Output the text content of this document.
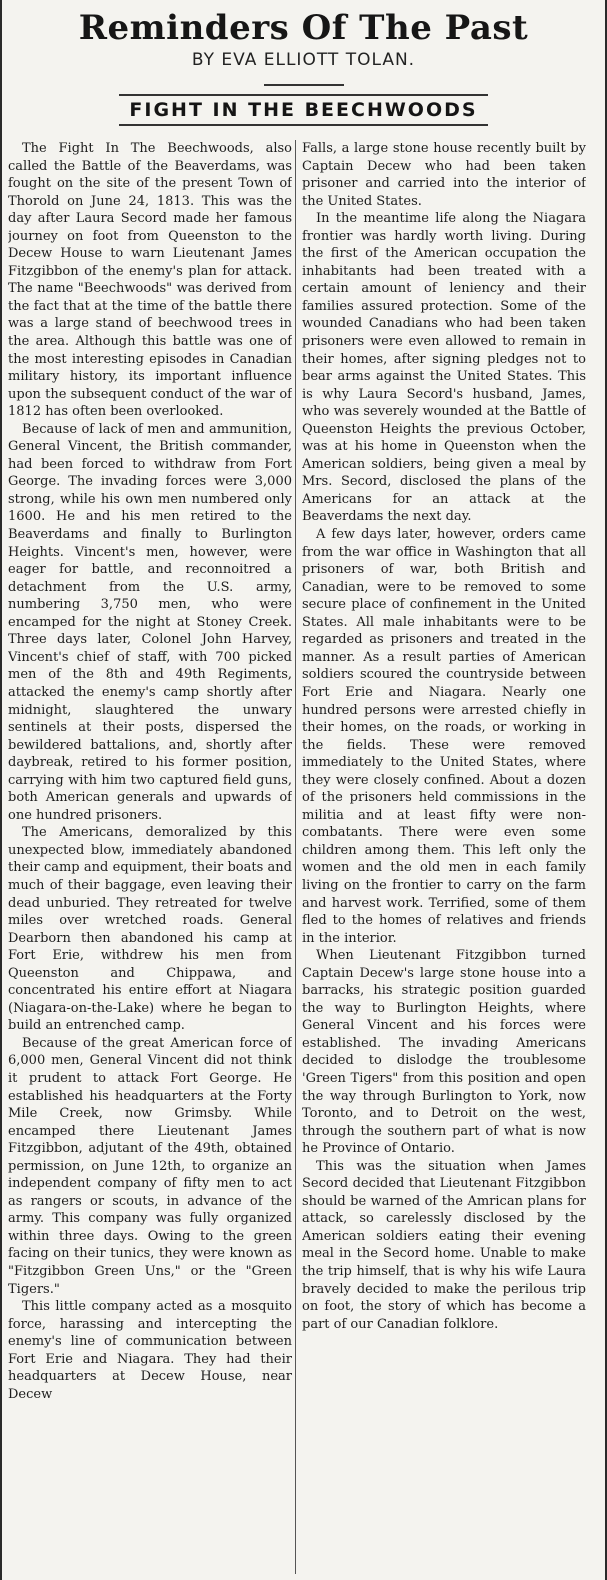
Reminders Of The Past
BY EVA ELLIOTT TOLAN.
FIGHT IN THE BEECHWOODS

The Fight In The Beechwoods, also called the Battle of the Beaverdams, was fought on the site of the present Town of Thorold on June 24, 1813. This was the day after Laura Secord made her famous journey on foot from Queenston to the Decew House to warn Lieutenant James Fitzgibbon of the enemy's plan for attack. The name "Beechwoods" was derived from the fact that at the time of the battle there was a large stand of beechwood trees in the area. Although this battle was one of the most interesting episodes in Canadian military history, its important influence upon the subsequent conduct of the war of 1812 has often been overlooked.

Because of lack of men and ammunition, General Vincent, the British commander, had been forced to withdraw from Fort George. The invading forces were 3,000 strong, while his own men numbered only 1600. He and his men retired to the Beaverdams and finally to Burlington Heights. Vincent's men, however, were eager for battle, and reconnoitred a detachment from the U.S. army, numbering 3,750 men, who were encamped for the night at Stoney Creek. Three days later, Colonel John Harvey, Vincent's chief of staff, with 700 picked men of the 8th and 49th Regiments, attacked the enemy's camp shortly after midnight, slaughtered the unwary sentinels at their posts, dispersed the bewildered battalions, and, shortly after daybreak, retired to his former position, carrying with him two captured field guns, both American generals and upwards of one hundred prisoners.

The Americans, demoralized by this unexpected blow, immediately abandoned their camp and equipment, their boats and much of their baggage, even leaving their dead unburied. They retreated for twelve miles over wretched roads. General Dearborn then abandoned his camp at Fort Erie, withdrew his men from Queenston and Chippawa, and concentrated his entire effort at Niagara (Niagara-on-the-Lake) where he began to build an entrenched camp.

Because of the great American force of 6,000 men, General Vincent did not think it prudent to attack Fort George. He established his headquarters at the Forty Mile Creek, now Grimsby. While encamped there Lieutenant James Fitzgibbon, adjutant of the 49th, obtained permission, on June 12th, to organize an independent company of fifty men to act as rangers or scouts, in advance of the army. This company was fully organized within three days. Owing to the green facing on their tunics, they were known as "Fitzgibbon Green Uns," or the "Green Tigers."

This little company acted as a mosquito force, harassing and intercepting the enemy's line of communication between Fort Erie and Niagara. They had their headquarters at Decew House, near Decew

Falls, a large stone house recently built by Captain Decew who had been taken prisoner and carried into the interior of the United States.

In the meantime life along the Niagara frontier was hardly worth living. During the first of the American occupation the inhabitants had been treated with a certain amount of leniency and their families assured protection. Some of the wounded Canadians who had been taken prisoners were even allowed to remain in their homes, after signing pledges not to bear arms against the United States. This is why Laura Secord's husband, James, who was severely wounded at the Battle of Queenston Heights the previous October, was at his home in Queenston when the American soldiers, being given a meal by Mrs. Secord, disclosed the plans of the Americans for an attack at the Beaverdams the next day.

A few days later, however, orders came from the war office in Washington that all prisoners of war, both British and Canadian, were to be removed to some secure place of confinement in the United States. All male inhabitants were to be regarded as prisoners and treated in the manner. As a result parties of American soldiers scoured the countryside between Fort Erie and Niagara. Nearly one hundred persons were arrested chiefly in their homes, on the roads, or working in the fields. These were removed immediately to the United States, where they were closely confined. About a dozen of the prisoners held commissions in the militia and at least fifty were non-combatants. There were even some children among them. This left only the women and the old men in each family living on the frontier to carry on the farm and harvest work. Terrified, some of them fled to the homes of relatives and friends in the interior.

When Lieutenant Fitzgibbon turned Captain Decew's large stone house into a barracks, his strategic position guarded the way to Burlington Heights, where General Vincent and his forces were established. The invading Americans decided to dislodge the troublesome 'Green Tigers" from this position and open the way through Burlington to York, now Toronto, and to Detroit on the west, through the southern part of what is now he Province of Ontario.

This was the situation when James Secord decided that Lieutenant Fitzgibbon should be warned of the Amrican plans for attack, so carelessly disclosed by the American soldiers eating their evening meal in the Secord home. Unable to make the trip himself, that is why his wife Laura bravely decided to make the perilous trip on foot, the story of which has become a part of our Canadian folklore.
